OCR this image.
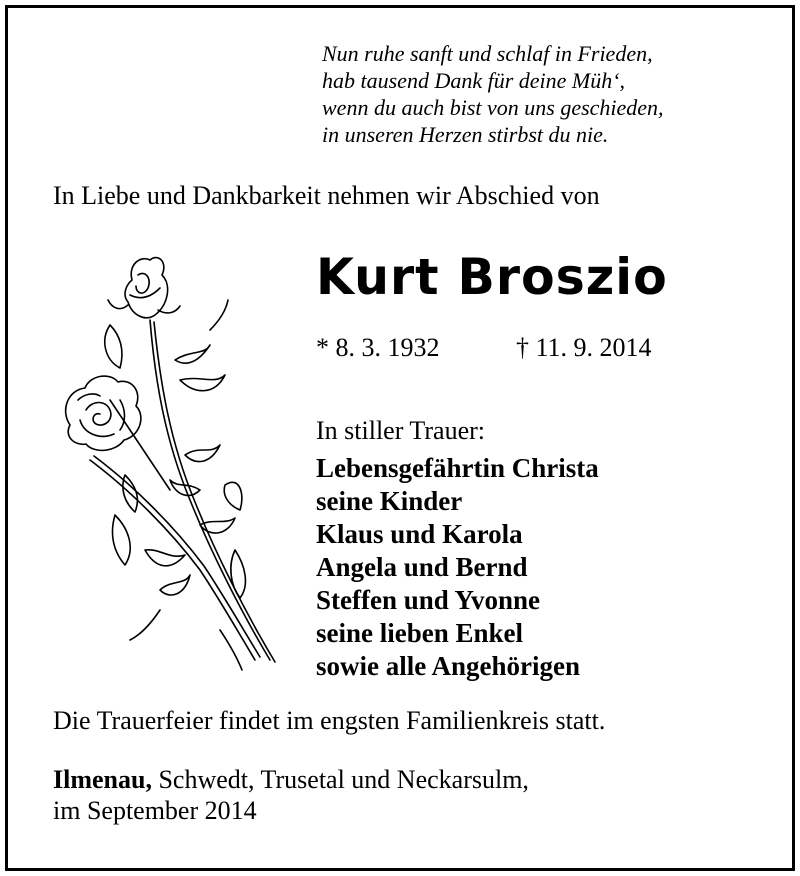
Nun ruhe sanft und schlaf in Frieden,
hab tausend Dank für deine Müh‘,
wenn du auch bist von uns geschieden,
in unseren Herzen stirbst du nie.
In Liebe und Dankbarkeit nehmen wir Abschied von
Kurt Broszio
* 8. 3. 1932	† 11. 9. 2014
In stiller Trauer:
Lebensgefährtin Christa
seine Kinder
Klaus und Karola
Angela und Bernd
Steffen und Yvonne
seine lieben Enkel
sowie alle Angehörigen
Die Trauerfeier findet im engsten Familienkreis statt.
Ilmenau, Schwedt, Trusetal und Neckarsulm,
im September 2014
